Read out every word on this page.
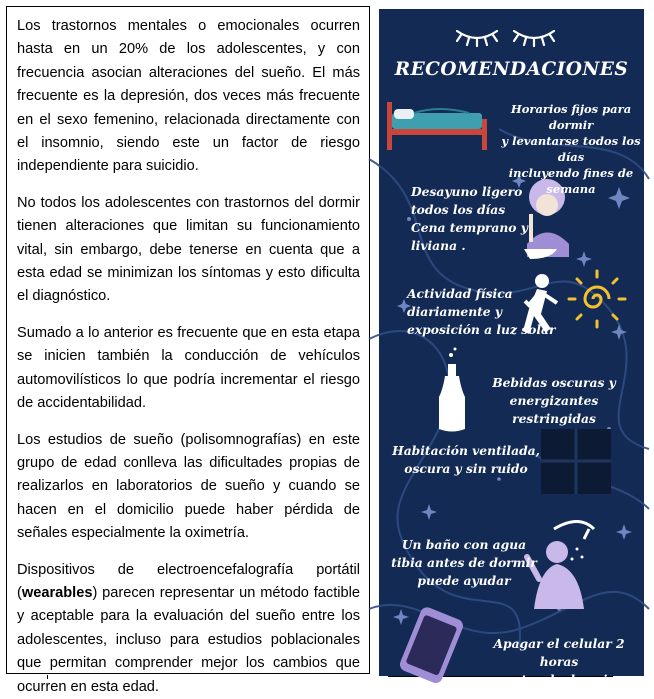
Los trastornos mentales o emocionales ocurren hasta en un 20% de los adolescentes, y con frecuencia asocian alteraciones del sueño. El más frecuente es la depresión, dos veces más frecuente en el sexo femenino, relacionada directamente con el insomnio, siendo este un factor de riesgo independiente para suicidio.

No todos los adolescentes con trastornos del dormir tienen alteraciones que limitan su funcionamiento vital, sin embargo, debe tenerse en cuenta que a esta edad se minimizan los síntomas y esto dificulta el diagnóstico.

Sumado a lo anterior es frecuente que en esta etapa se inicien también la conducción de vehículos automovilísticos lo que podría incrementar el riesgo de accidentabilidad.

Los estudios de sueño (polisomnografías) en este grupo de edad conlleva las dificultades propias de realizarlos en laboratorios de sueño y cuando se hacen en el domicilio puede haber pérdida de señales especialmente la oximetría.

Dispositivos de electroencefalografía portátil (wearables) parecen representar un método factible y aceptable para la evaluación del sueño entre los adolescentes, incluso para estudios poblacionales que permitan comprender mejor los cambios que ocurren en esta edad.

RECOMENDACIONES
Horarios fijos para dormir
y levantarse todos los días
incluyendo fines de semana
Desayuno ligero
todos los días
Cena temprano y
liviana .
Actividad física
diariamente y
exposición a luz solar
Bebidas oscuras y
energizantes restringidas
Habitación ventilada,
oscura y sin ruido
Un baño con agua
tibia antes de dormir
puede ayudar
Apagar el celular 2 horas
antes de dormir
